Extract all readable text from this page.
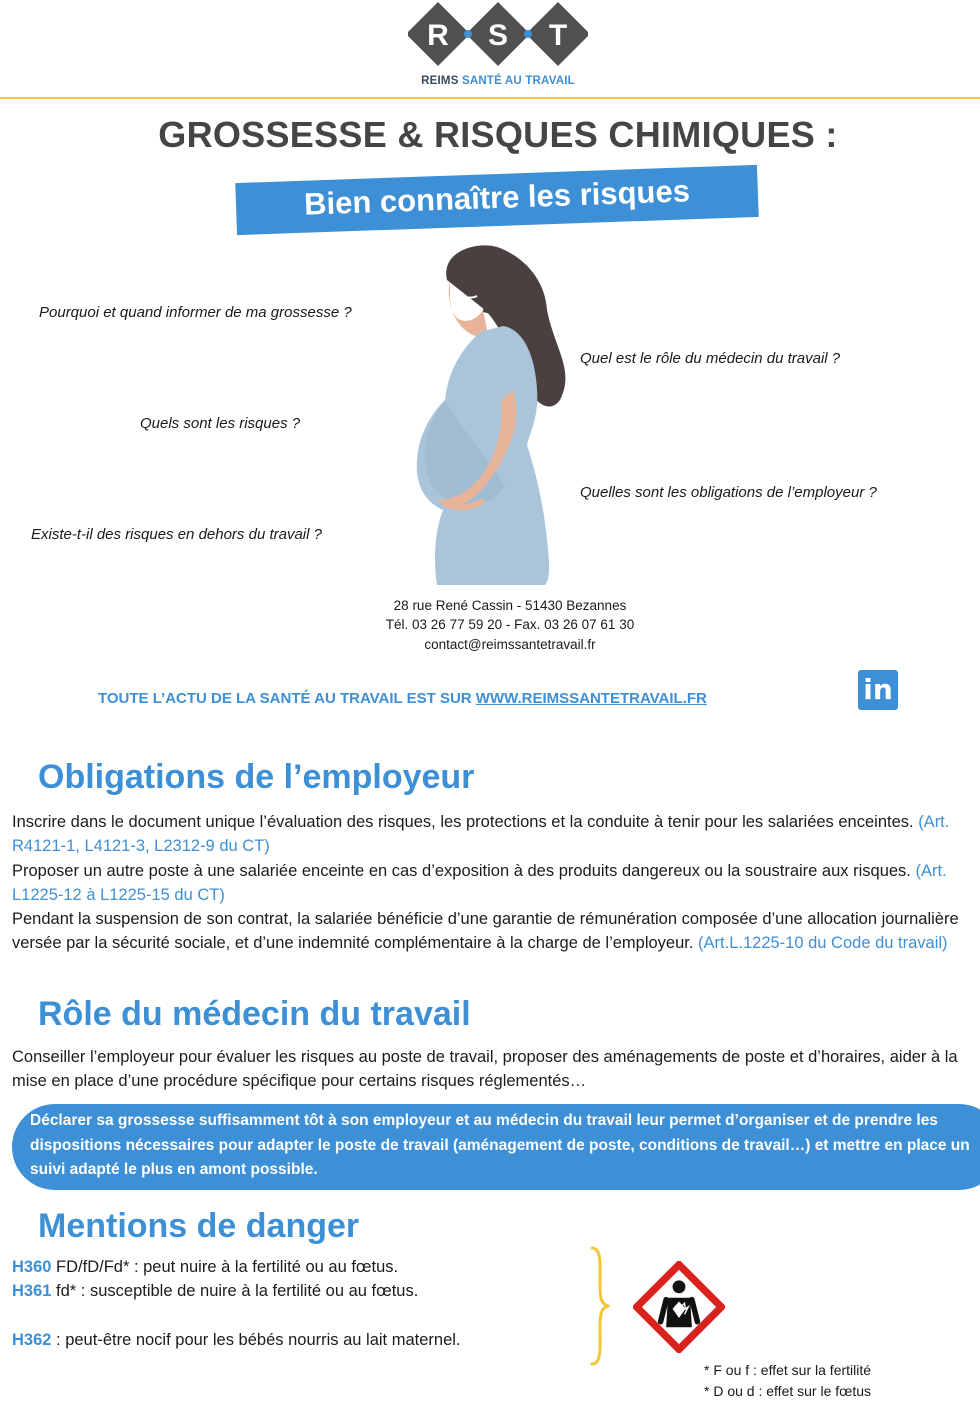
R S T
REIMS SANTÉ AU TRAVAIL
GROSSESSE & RISQUES CHIMIQUES :
Bien connaître les risques
Pourquoi et quand informer de ma grossesse ?
Quel est le rôle du médecin du travail ?
Quels sont les risques ?
Quelles sont les obligations de l’employeur ?
Existe-t-il des risques en dehors du travail ?
28 rue René Cassin - 51430 Bezannes
Tél. 03 26 77 59 20 - Fax. 03 26 07 61 30
contact@reimssantetravail.fr
TOUTE L’ACTU DE LA SANTÉ AU TRAVAIL EST SUR WWW.REIMSSANTETRAVAIL.FR	in
Obligations de l’employeur

Inscrire dans le document unique l’évaluation des risques, les protections et la conduite à tenir pour les salariées enceintes. (Art. R4121-1, L4121-3, L2312-9 du CT)

Proposer un autre poste à une salariée enceinte en cas d’exposition à des produits dangereux ou la soustraire aux risques. (Art. L1225-12 à L1225-15 du CT)

Pendant la suspension de son contrat, la salariée bénéficie d’une garantie de rémunération composée d’une allocation journalière versée par la sécurité sociale, et d’une indemnité complémentaire à la charge de l’employeur. (Art.L.1225-10 du Code du travail)

Rôle du médecin du travail
Conseiller l’employeur pour évaluer les risques au poste de travail, proposer des aménagements de poste et d’horaires, aider à la mise en place d’une procédure spécifique pour certains risques réglementés…
Déclarer sa grossesse suffisamment tôt à son employeur et au médecin du travail leur permet d’organiser et de prendre les dispositions nécessaires pour adapter le poste de travail (aménagement de poste, conditions de travail…) et mettre en place un suivi adapté le plus en amont possible.
Mentions de danger
H360 FD/fD/Fd* : peut nuire à la fertilité ou au fœtus.
H361 fd* : susceptible de nuire à la fertilité ou au fœtus.
H362 : peut-être nocif pour les bébés nourris au lait maternel.
* F ou f : effet sur la fertilité
* D ou d : effet sur le fœtus
